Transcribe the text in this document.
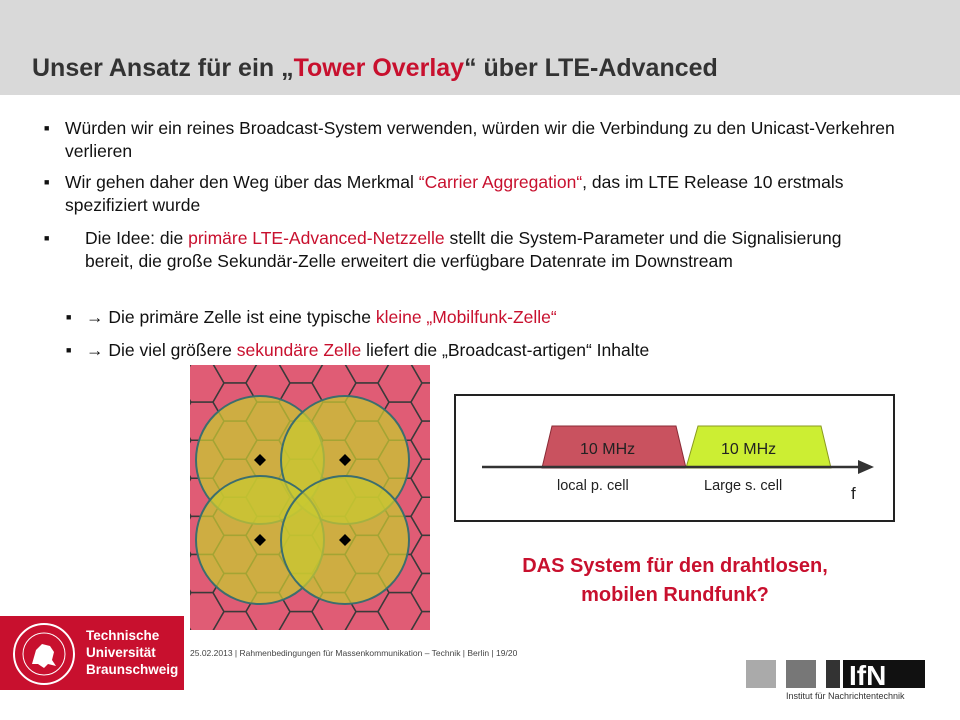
Unser Ansatz für ein „Tower Overlay“ über LTE-Advanced
■ Würden wir ein reines Broadcast-System verwenden, würden wir die Verbindung zu den Unicast-Verkehren verlieren
■ Wir gehen daher den Weg über das Merkmal “Carrier Aggregation“, das im LTE Release 10 erstmals spezifiziert wurde
■	Die Idee: die primäre LTE-Advanced-Netzzelle stellt die System-Parameter und die Signalisierung bereit, die große Sekundär-Zelle erweitert die verfügbare Datenrate im Downstream
■ → Die primäre Zelle ist eine typische kleine „Mobilfunk-Zelle“
■ → Die viel größere sekundäre Zelle liefert die „Broadcast-artigen“ Inhalte
10 MHz	10 MHz
local p. cell	Large s. cell	f
DAS System für den drahtlosen,
mobilen Rundfunk?
25.02.2013 | Rahmenbedingungen für Massenkommunikation – Technik | Berlin | 19/20
Technische
Universität
Braunschweig	IfN
Institut für Nachrichtentechnik
